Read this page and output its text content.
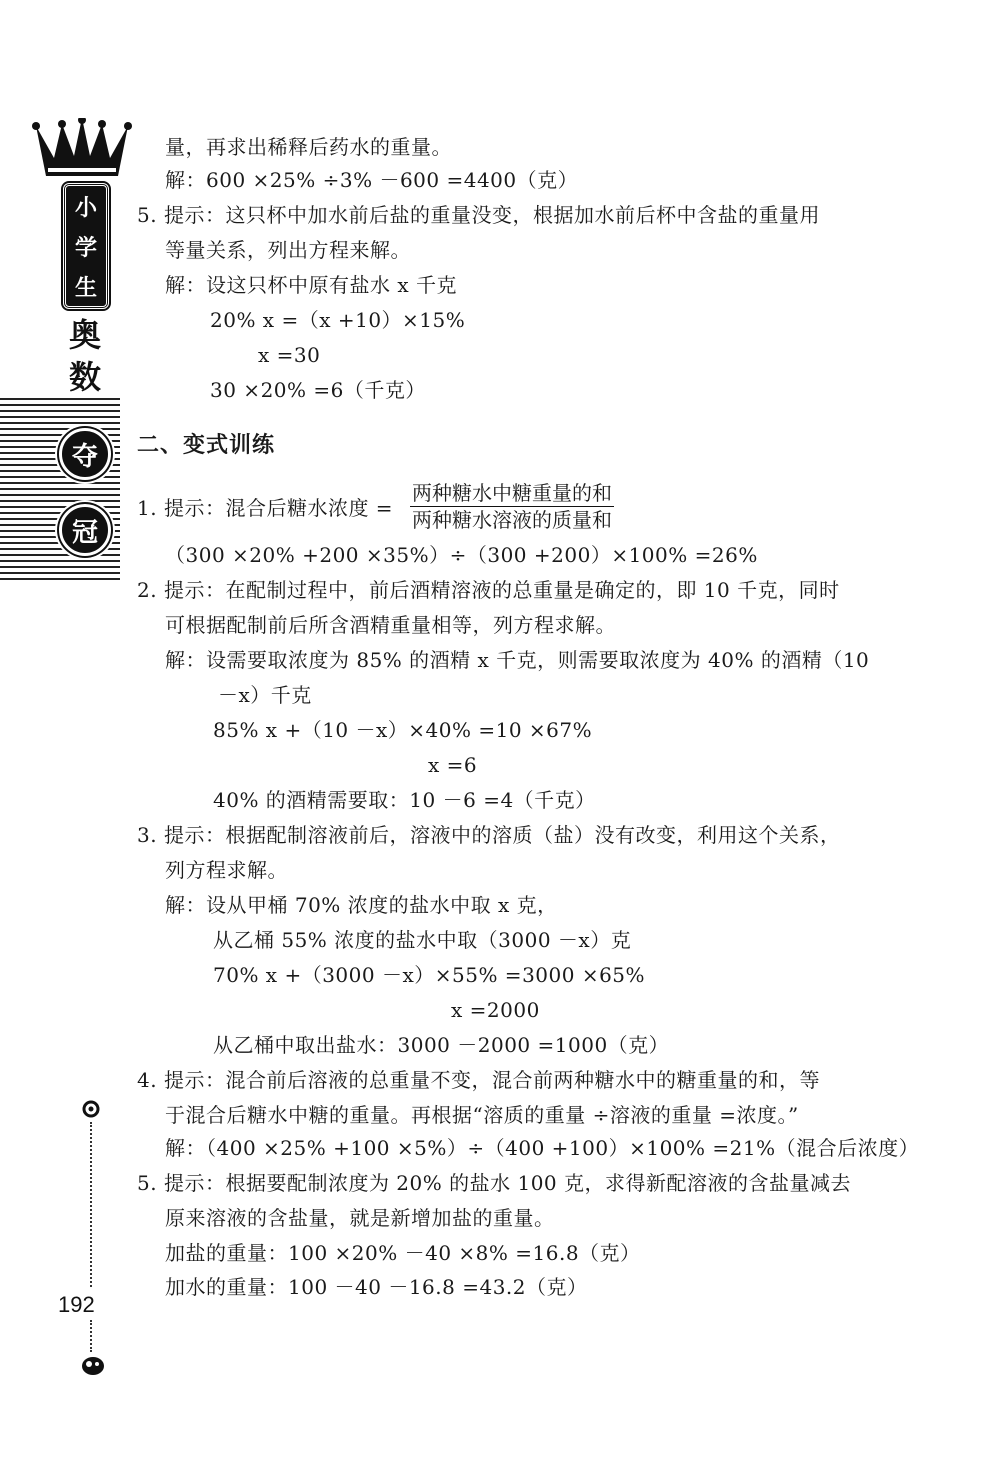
小
学
生
奥
数
夺
冠
192
量，再求出稀释后药水的重量。
解：600 ×25% ÷3% －600 =4400（克）
5. 提示：这只杯中加水前后盐的重量没变，根据加水前后杯中含盐的重量用
等量关系，列出方程来解。
解：设这只杯中原有盐水 x 千克
20% x =（x +10）×15%
x =30
30 ×20% =6（千克）
二、变式训练
1. 提示：混合后糖水浓度 =
两种糖水中糖重量的和
两种糖水溶液的质量和
（300 ×20% +200 ×35%）÷（300 +200）×100% =26%
2. 提示：在配制过程中，前后酒精溶液的总重量是确定的，即 10 千克，同时
可根据配制前后所含酒精重量相等，列方程求解。
解：设需要取浓度为 85% 的酒精 x 千克，则需要取浓度为 40% 的酒精（10
－x）千克
85% x +（10 －x）×40% =10 ×67%
x =6
40% 的酒精需要取：10 －6 =4（千克）
3. 提示：根据配制溶液前后，溶液中的溶质（盐）没有改变，利用这个关系，
列方程求解。
解：设从甲桶 70% 浓度的盐水中取 x 克，
从乙桶 55% 浓度的盐水中取（3000 －x）克
70% x +（3000 －x）×55% =3000 ×65%
x =2000
从乙桶中取出盐水：3000 －2000 =1000（克）
4. 提示：混合前后溶液的总重量不变，混合前两种糖水中的糖重量的和，等
于混合后糖水中糖的重量。再根据“溶质的重量 ÷溶液的重量 =浓度。”
解：（400 ×25% +100 ×5%）÷（400 +100）×100% =21%（混合后浓度）
5. 提示：根据要配制浓度为 20% 的盐水 100 克，求得新配溶液的含盐量减去
原来溶液的含盐量，就是新增加盐的重量。
加盐的重量：100 ×20% －40 ×8% =16.8（克）
加水的重量：100 －40 －16.8 =43.2（克）
